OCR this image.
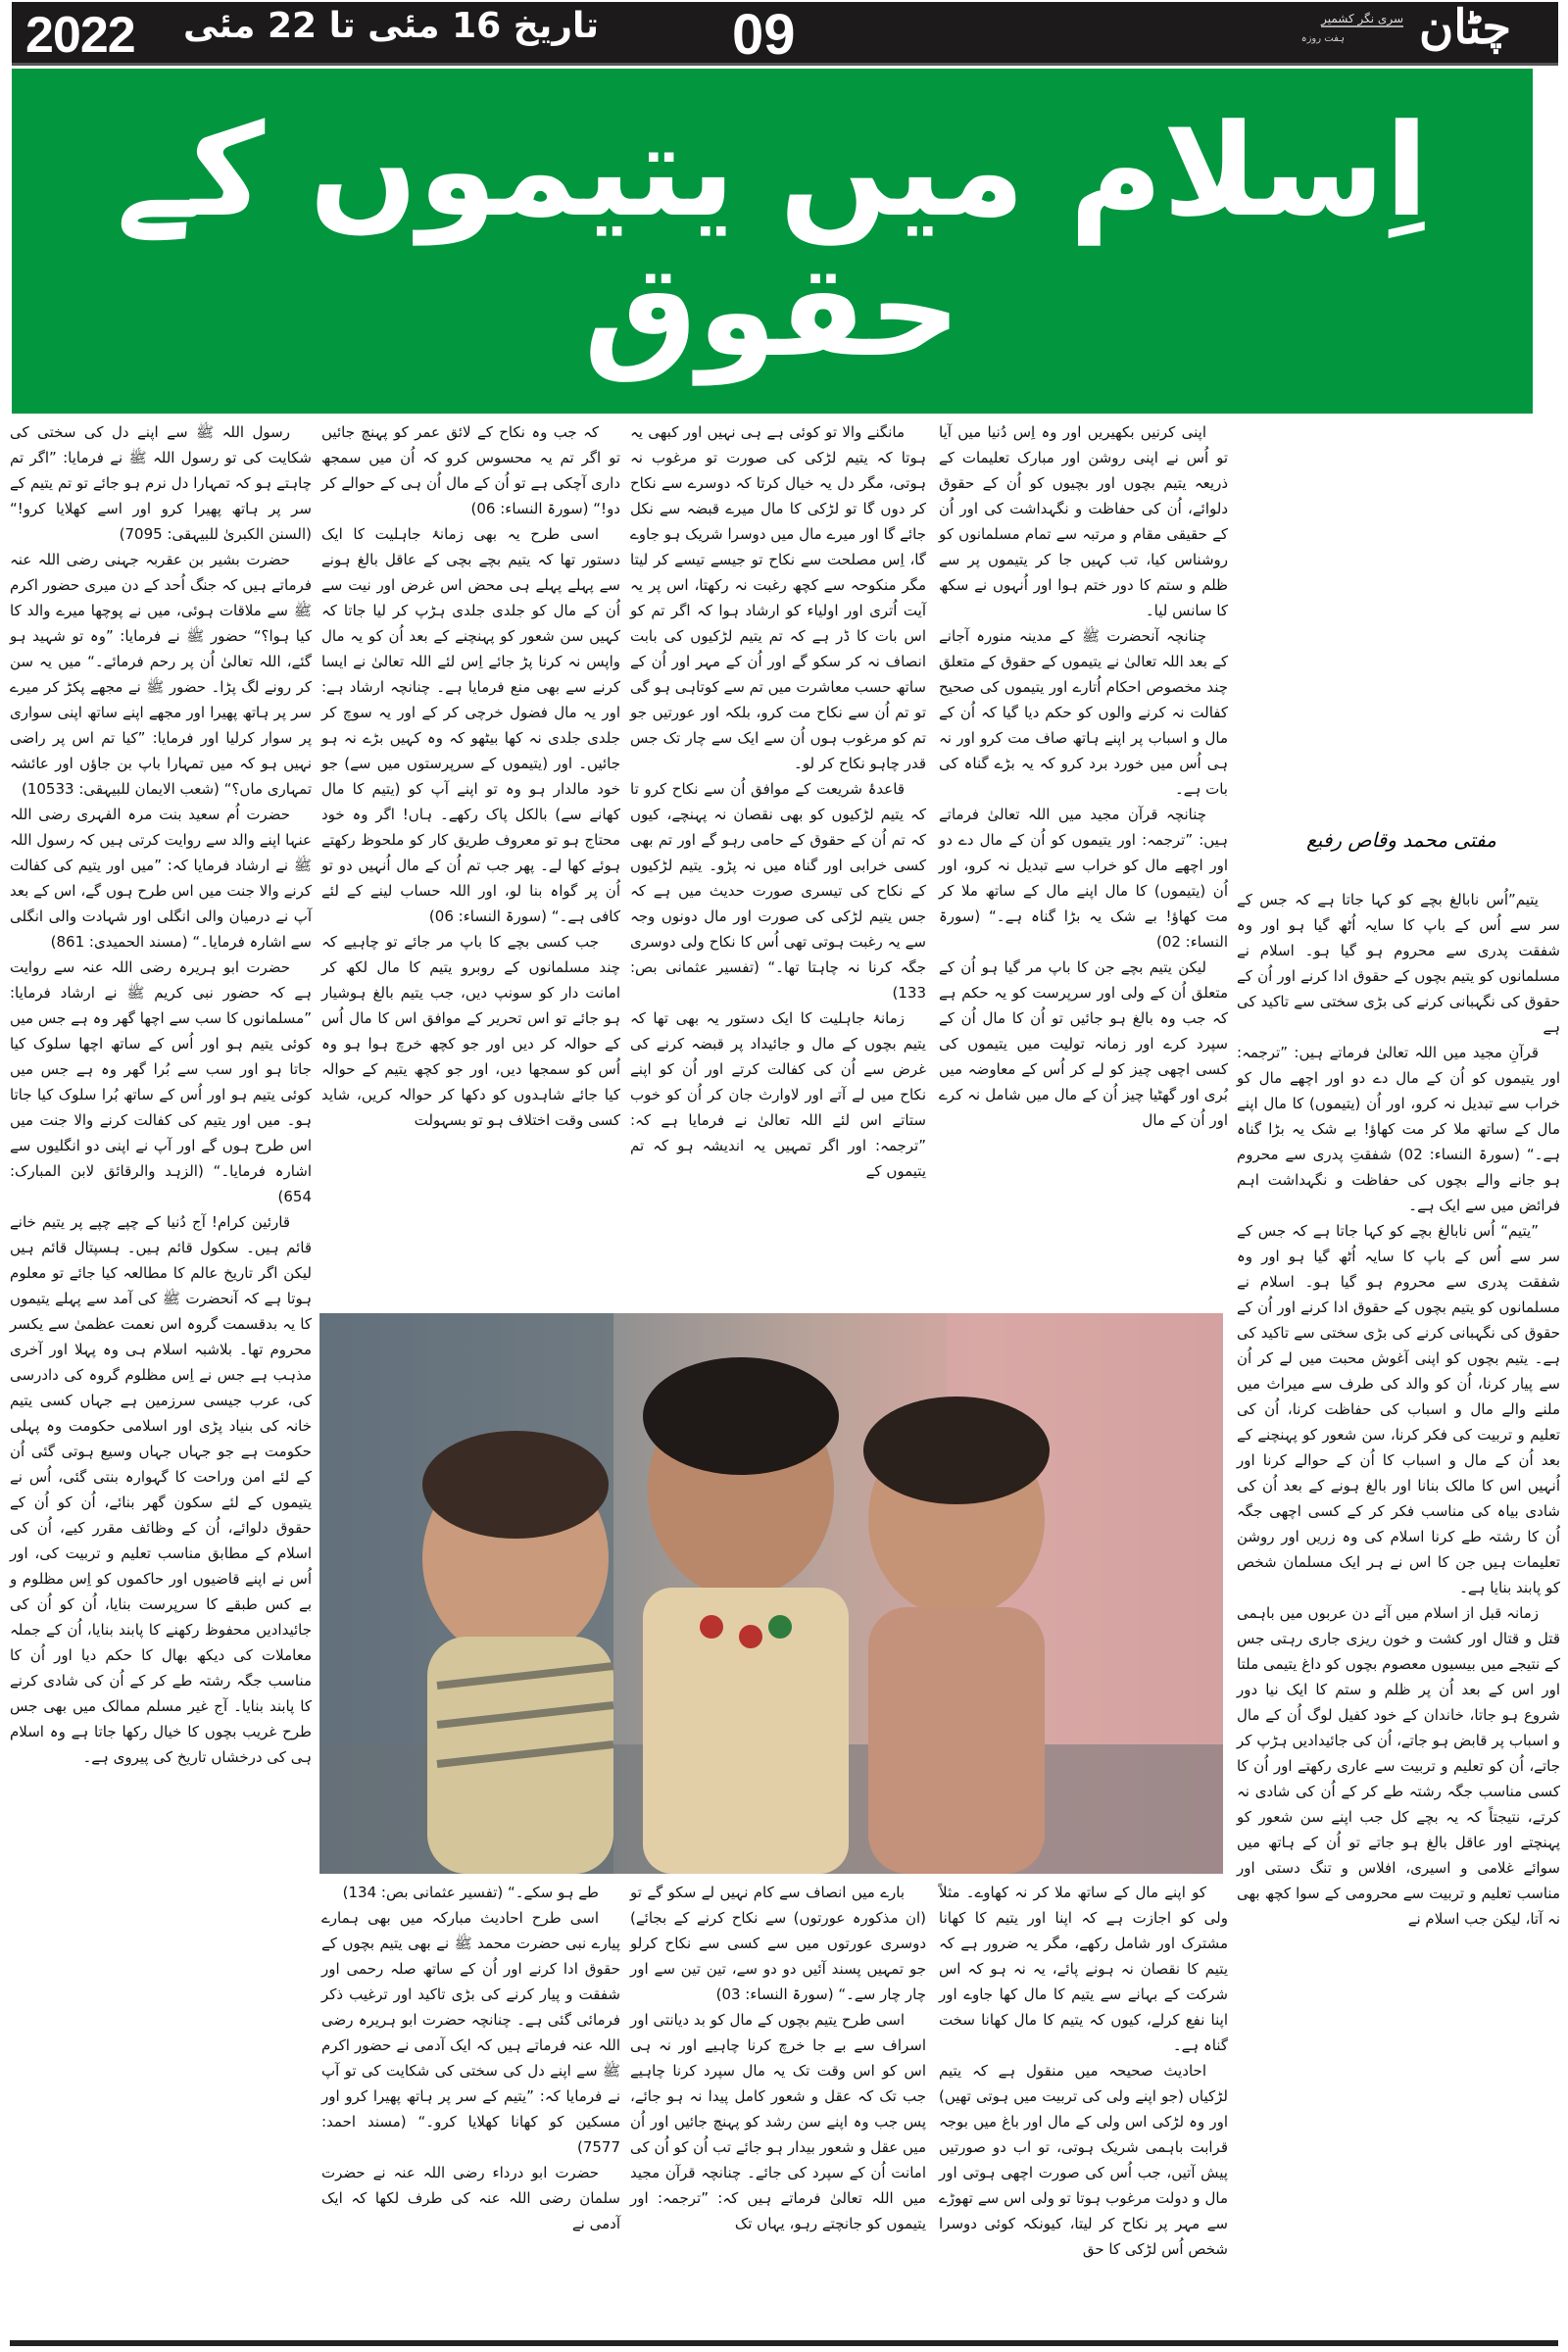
2022 تاریخ 16 مئی تا 22 مئی 09	چٹان
سری نگر کشمیر
ہفت روزہ
اِسلام میں یتیموں کے حقوق
مفتی محمد وقاص رفیع

یتیم”اُس نابالغ بچے کو کہا جاتا ہے کہ جس کے سر سے اُس کے باپ کا سایہ اُٹھ گیا ہو اور وہ شفقت پدری سے محروم ہو گیا ہو۔ اسلام نے مسلمانوں کو یتیم بچوں کے حقوق ادا کرنے اور اُن کے حقوق کی نگہبانی کرنے کی بڑی سختی سے تاکید کی ہے

قرآنِ مجید میں اللہ تعالیٰ فرماتے ہیں: ”ترجمہ: اور یتیموں کو اُن کے مال دے دو اور اچھے مال کو خراب سے تبدیل نہ کرو، اور اُن (یتیموں) کا مال اپنے مال کے ساتھ ملا کر مت کھاؤ! بے شک یہ بڑا گناہ ہے۔“ (سورۃ النساء: 02) شفقتِ پدری سے محروم ہو جانے والے بچوں کی حفاظت و نگہداشت اہم فرائض میں سے ایک ہے۔

”یتیم“ اُس نابالغ بچے کو کہا جاتا ہے کہ جس کے سر سے اُس کے باپ کا سایہ اُٹھ گیا ہو اور وہ شفقت پدری سے محروم ہو گیا ہو۔ اسلام نے مسلمانوں کو یتیم بچوں کے حقوق ادا کرنے اور اُن کے حقوق کی نگہبانی کرنے کی بڑی سختی سے تاکید کی ہے۔ یتیم بچوں کو اپنی آغوش محبت میں لے کر اُن سے پیار کرنا، اُن کو والد کی طرف سے میراث میں ملنے والے مال و اسباب کی حفاظت کرنا، اُن کی تعلیم و تربیت کی فکر کرنا، سن شعور کو پہنچنے کے بعد اُن کے مال و اسباب کا اُن کے حوالے کرنا اور اُنہیں اس کا مالک بنانا اور بالغ ہونے کے بعد اُن کی شادی بیاہ کی مناسب فکر کر کے کسی اچھی جگہ اُن کا رشتہ طے کرنا اسلام کی وہ زریں اور روشن تعلیمات ہیں جن کا اس نے ہر ایک مسلمان شخص کو پابند بنایا ہے۔

زمانہ قبل از اسلام میں آئے دن عربوں میں باہمی قتل و قتال اور کشت و خون ریزی جاری رہتی جس کے نتیجے میں بیسیوں معصوم بچوں کو داغ یتیمی ملتا اور اس کے بعد اُن پر ظلم و ستم کا ایک نیا دور شروع ہو جاتا، خاندان کے خود کفیل لوگ اُن کے مال و اسباب پر قابض ہو جاتے، اُن کی جائیدادیں ہڑپ کر جاتے، اُن کو تعلیم و تربیت سے عاری رکھتے اور اُن کا کسی مناسب جگہ رشتہ طے کر کے اُن کی شادی نہ کرتے، نتیجتاً کہ یہ بچے کل جب اپنے سن شعور کو پہنچتے اور عاقل بالغ ہو جاتے تو اُن کے ہاتھ میں سوائے غلامی و اسیری، افلاس و تنگ دستی اور مناسب تعلیم و تربیت سے محرومی کے سوا کچھ بھی نہ آتا، لیکن جب اسلام نے

اپنی کرنیں بکھیریں اور وہ اِس دُنیا میں آیا تو اُس نے اپنی روشن اور مبارک تعلیمات کے ذریعہ یتیم بچوں اور بچیوں کو اُن کے حقوق دلوائے، اُن کی حفاظت و نگہداشت کی اور اُن کے حقیقی مقام و مرتبہ سے تمام مسلمانوں کو روشناس کیا، تب کہیں جا کر یتیموں پر سے ظلم و ستم کا دور ختم ہوا اور اُنہوں نے سکھ کا سانس لیا۔

چنانچہ آنحضرت ﷺ کے مدینہ منورہ آجانے کے بعد اللہ تعالیٰ نے یتیموں کے حقوق کے متعلق چند مخصوص احکام اُتارے اور یتیموں کی صحیح کفالت نہ کرنے والوں کو حکم دیا گیا کہ اُن کے مال و اسباب پر اپنے ہاتھ صاف مت کرو اور نہ ہی اُس میں خورد برد کرو کہ یہ بڑے گناہ کی بات ہے۔

چنانچہ قرآن مجید میں اللہ تعالیٰ فرماتے ہیں: ”ترجمہ: اور یتیموں کو اُن کے مال دے دو اور اچھے مال کو خراب سے تبدیل نہ کرو، اور اُن (یتیموں) کا مال اپنے مال کے ساتھ ملا کر مت کھاؤ! بے شک یہ بڑا گناہ ہے۔“ (سورۃ النساء: 02)

لیکن یتیم بچے جن کا باپ مر گیا ہو اُن کے متعلق اُن کے ولی اور سرپرست کو یہ حکم ہے کہ جب وہ بالغ ہو جائیں تو اُن کا مال اُن کے سپرد کرے اور زمانہ تولیت میں یتیموں کی کسی اچھی چیز کو لے کر اُس کے معاوضہ میں بُری اور گھٹیا چیز اُن کے مال میں شامل نہ کرے اور اُن کے مال

مانگنے والا تو کوئی ہے ہی نہیں اور کبھی یہ ہوتا کہ یتیم لڑکی کی صورت تو مرغوب نہ ہوتی، مگر دل یہ خیال کرتا کہ دوسرے سے نکاح کر دوں گا تو لڑکی کا مال میرے قبضہ سے نکل جائے گا اور میرے مال میں دوسرا شریک ہو جاوے گا، اِس مصلحت سے نکاح تو جیسے تیسے کر لیتا مگر منکوحہ سے کچھ رغبت نہ رکھتا، اس پر یہ آیت اُتری اور اولیاء کو ارشاد ہوا کہ اگر تم کو اس بات کا ڈر ہے کہ تم یتیم لڑکیوں کی بابت انصاف نہ کر سکو گے اور اُن کے مہر اور اُن کے ساتھ حسب معاشرت میں تم سے کوتاہی ہو گی تو تم اُن سے نکاح مت کرو، بلکہ اور عورتیں جو تم کو مرغوب ہوں اُن سے ایک سے چار تک جس قدر چاہو نکاح کر لو۔

قاعدۂ شریعت کے موافق اُن سے نکاح کرو تا کہ یتیم لڑکیوں کو بھی نقصان نہ پہنچے، کیوں کہ تم اُن کے حقوق کے حامی رہو گے اور تم بھی کسی خرابی اور گناہ میں نہ پڑو۔ یتیم لڑکیوں کے نکاح کی تیسری صورت حدیث میں ہے کہ جس یتیم لڑکی کی صورت اور مال دونوں وجہ سے یہ رغبت ہوتی تھی اُس کا نکاح ولی دوسری جگہ کرنا نہ چاہتا تھا۔“ (تفسیر عثمانی بص: 133)

زمانۂ جاہلیت کا ایک دستور یہ بھی تھا کہ یتیم بچوں کے مال و جائیداد پر قبضہ کرنے کی غرض سے اُن کی کفالت کرتے اور اُن کو اپنے نکاح میں لے آتے اور لاوارث جان کر اُن کو خوب ستاتے اس لئے اللہ تعالیٰ نے فرمایا ہے کہ: ”ترجمہ: اور اگر تمہیں یہ اندیشہ ہو کہ تم یتیموں کے

کہ جب وہ نکاح کے لائق عمر کو پہنچ جائیں تو اگر تم یہ محسوس کرو کہ اُن میں سمجھ داری آچکی ہے تو اُن کے مال اُن ہی کے حوالے کر دو!“ (سورۃ النساء: 06)

اسی طرح یہ بھی زمانۂ جاہلیت کا ایک دستور تھا کہ یتیم بچے بچی کے عاقل بالغ ہونے سے پہلے پہلے ہی محض اس غرض اور نیت سے اُن کے مال کو جلدی جلدی ہڑپ کر لیا جاتا کہ کہیں سن شعور کو پہنچنے کے بعد اُن کو یہ مال واپس نہ کرنا پڑ جائے اِس لئے اللہ تعالیٰ نے ایسا کرنے سے بھی منع فرمایا ہے۔ چنانچہ ارشاد ہے: اور یہ مال فضول خرچی کر کے اور یہ سوچ کر جلدی جلدی نہ کھا بیٹھو کہ وہ کہیں بڑے نہ ہو جائیں۔ اور (یتیموں کے سرپرستوں میں سے) جو خود مالدار ہو وہ تو اپنے آپ کو (یتیم کا مال کھانے سے) بالکل پاک رکھے۔ ہاں! اگر وہ خود محتاج ہو تو معروف طریق کار کو ملحوظ رکھتے ہوئے کھا لے۔ پھر جب تم اُن کے مال اُنہیں دو تو اُن پر گواہ بنا لو، اور اللہ حساب لینے کے لئے کافی ہے۔“ (سورۃ النساء: 06)

جب کسی بچے کا باپ مر جائے تو چاہیے کہ چند مسلمانوں کے روبرو یتیم کا مال لکھ کر امانت دار کو سونپ دیں، جب یتیم بالغ ہوشیار ہو جائے تو اس تحریر کے موافق اس کا مال اُس کے حوالہ کر دیں اور جو کچھ خرچ ہوا ہو وہ اُس کو سمجھا دیں، اور جو کچھ یتیم کے حوالہ کیا جائے شاہدوں کو دکھا کر حوالہ کریں، شاید کسی وقت اختلاف ہو تو بسہولت

رسول اللہ ﷺ سے اپنے دل کی سختی کی شکایت کی تو رسول اللہ ﷺ نے فرمایا: ”اگر تم چاہتے ہو کہ تمہارا دل نرم ہو جائے تو تم یتیم کے سر پر ہاتھ پھیرا کرو اور اسے کھلایا کرو!“ (السنن الکبریٰ للبیہقی: 7095)

حضرت بشیر بن عقربہ جہنی رضی اللہ عنہ فرماتے ہیں کہ جنگ اُحد کے دن میری حضور اکرم ﷺ سے ملاقات ہوئی، میں نے پوچھا میرے والد کا کیا ہوا؟“ حضور ﷺ نے فرمایا: ”وہ تو شہید ہو گئے، اللہ تعالیٰ اُن پر رحم فرمائے۔“ میں یہ سن کر رونے لگ پڑا۔ حضور ﷺ نے مجھے پکڑ کر میرے سر پر ہاتھ پھیرا اور مجھے اپنے ساتھ اپنی سواری پر سوار کرلیا اور فرمایا: ”کیا تم اس پر راضی نہیں ہو کہ میں تمہارا باپ بن جاؤں اور عائشہ تمہاری ماں؟“ (شعب الایمان للبیہقی: 10533)

حضرت اُم سعید بنت مرہ الفہری رضی اللہ عنہا اپنے والد سے روایت کرتی ہیں کہ رسول اللہ ﷺ نے ارشاد فرمایا کہ: ”میں اور یتیم کی کفالت کرنے والا جنت میں اس طرح ہوں گے، اس کے بعد آپ نے درمیان والی انگلی اور شہادت والی انگلی سے اشارہ فرمایا۔“ (مسند الحمیدی: 861)

حضرت ابو ہریرہ رضی اللہ عنہ سے روایت ہے کہ حضور نبی کریم ﷺ نے ارشاد فرمایا: ”مسلمانوں کا سب سے اچھا گھر وہ ہے جس میں کوئی یتیم ہو اور اُس کے ساتھ اچھا سلوک کیا جاتا ہو اور سب سے بُرا گھر وہ ہے جس میں کوئی یتیم ہو اور اُس کے ساتھ بُرا سلوک کیا جاتا ہو۔ میں اور یتیم کی کفالت کرنے والا جنت میں اس طرح ہوں گے اور آپ نے اپنی دو انگلیوں سے اشارہ فرمایا۔“ (الزہد والرقائق لابن المبارک: 654)

قارئین کرام! آج دُنیا کے چپے چپے پر یتیم خانے قائم ہیں۔ سکول قائم ہیں۔ ہسپتال قائم ہیں لیکن اگر تاریخ عالم کا مطالعہ کیا جائے تو معلوم ہوتا ہے کہ آنحضرت ﷺ کی آمد سے پہلے یتیموں کا یہ بدقسمت گروہ اس نعمت عظمیٰ سے یکسر محروم تھا۔ بلاشبہ اسلام ہی وہ پہلا اور آخری مذہب ہے جس نے اِس مظلوم گروہ کی دادرسی کی، عرب جیسی سرزمین ہے جہاں کسی یتیم خانہ کی بنیاد پڑی اور اسلامی حکومت وہ پہلی حکومت ہے جو جہاں جہاں وسیع ہوتی گئی اُن کے لئے امن وراحت کا گہوارہ بنتی گئی، اُس نے یتیموں کے لئے سکون گھر بنائے، اُن کو اُن کے حقوق دلوائے، اُن کے وظائف مقرر کیے، اُن کی اسلام کے مطابق مناسب تعلیم و تربیت کی، اور اُس نے اپنے قاضیوں اور حاکموں کو اِس مظلوم و بے کس طبقے کا سرپرست بنایا، اُن کو اُن کی جائیدادیں محفوظ رکھنے کا پابند بنایا، اُن کے جملہ معاملات کی دیکھ بھال کا حکم دیا اور اُن کا مناسب جگہ رشتہ طے کر کے اُن کی شادی کرنے کا پابند بنایا۔ آج غیر مسلم ممالک میں بھی جس طرح غریب بچوں کا خیال رکھا جاتا ہے وہ اسلام ہی کی درخشاں تاریخ کی پیروی ہے۔

کو اپنے مال کے ساتھ ملا کر نہ کھاوے۔ مثلاً ولی کو اجازت ہے کہ اپنا اور یتیم کا کھانا مشترک اور شامل رکھے، مگر یہ ضرور ہے کہ یتیم کا نقصان نہ ہونے پائے، یہ نہ ہو کہ اس شرکت کے بہانے سے یتیم کا مال کھا جاوے اور اپنا نفع کرلے، کیوں کہ یتیم کا مال کھانا سخت گناہ ہے۔

احادیث صحیحہ میں منقول ہے کہ یتیم لڑکیاں (جو اپنے ولی کی تربیت میں ہوتی تھیں) اور وہ لڑکی اس ولی کے مال اور باغ میں بوجہ قرابت باہمی شریک ہوتی، تو اب دو صورتیں پیش آتیں، جب اُس کی صورت اچھی ہوتی اور مال و دولت مرغوب ہوتا تو ولی اس سے تھوڑے سے مہر پر نکاح کر لیتا، کیونکہ کوئی دوسرا شخص اُس لڑکی کا حق

بارے میں انصاف سے کام نہیں لے سکو گے تو (ان مذکورہ عورتوں) سے نکاح کرنے کے بجائے) دوسری عورتوں میں سے کسی سے نکاح کرلو جو تمہیں پسند آئیں دو دو سے، تین تین سے اور چار چار سے۔“ (سورۃ النساء: 03)

اسی طرح یتیم بچوں کے مال کو بد دیانتی اور اسراف سے بے جا خرچ کرنا چاہیے اور نہ ہی اس کو اس وقت تک یہ مال سپرد کرنا چاہیے جب تک کہ عقل و شعور کامل پیدا نہ ہو جائے، پس جب وہ اپنے سن رشد کو پہنچ جائیں اور اُن میں عقل و شعور بیدار ہو جائے تب اُن کو اُن کی امانت اُن کے سپرد کی جائے۔ چنانچہ قرآن مجید میں اللہ تعالیٰ فرماتے ہیں کہ: ”ترجمہ: اور یتیموں کو جانچتے رہو، یہاں تک

طے ہو سکے۔“ (تفسیر عثمانی بص: 134)

اسی طرح احادیث مبارکہ میں بھی ہمارے پیارے نبی حضرت محمد ﷺ نے بھی یتیم بچوں کے حقوق ادا کرنے اور اُن کے ساتھ صلہ رحمی اور شفقت و پیار کرنے کی بڑی تاکید اور ترغیب ذکر فرمائی گئی ہے۔ چنانچہ حضرت ابو ہریرہ رضی اللہ عنہ فرماتے ہیں کہ ایک آدمی نے حضور اکرم ﷺ سے اپنے دل کی سختی کی شکایت کی تو آپ نے فرمایا کہ: ”یتیم کے سر پر ہاتھ پھیرا کرو اور مسکین کو کھانا کھلایا کرو۔“ (مسند احمد: 7577)

حضرت ابو درداء رضی اللہ عنہ نے حضرت سلمان رضی اللہ عنہ کی طرف لکھا کہ ایک آدمی نے
